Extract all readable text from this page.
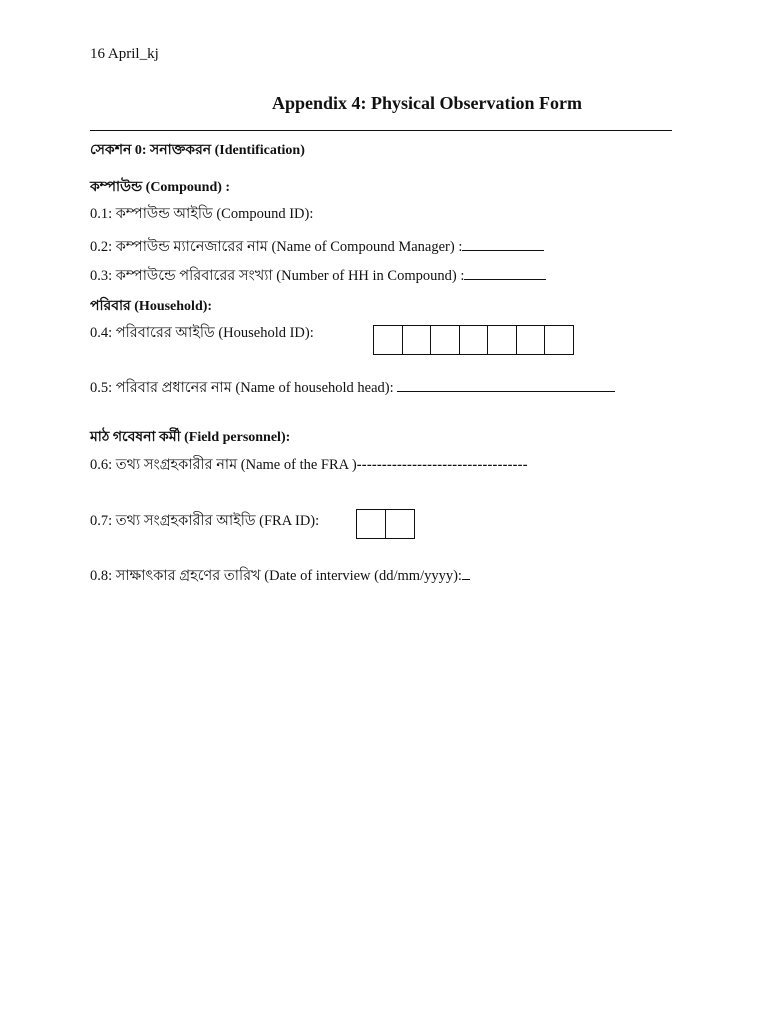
16 April_kj
Appendix 4: Physical Observation Form
সেকশন 0: সনাক্তকরন (Identification)
কম্পাউন্ড (Compound) :
0.1: কম্পাউন্ড আইডি (Compound ID):
0.2: কম্পাউন্ড ম্যানেজারের নাম (Name of Compound Manager) :
0.3: কম্পাউন্ডে পরিবারের সংখ্যা (Number of HH in Compound) :
পরিবার (Household):
0.4: পরিবারের আইডি (Household ID):
0.5: পরিবার প্রধানের নাম (Name of household head):
মাঠ গবেষনা কর্মী (Field personnel):
0.6: তথ্য সংগ্রহকারীর নাম (Name of the FRA )----------------------------------
0.7: তথ্য সংগ্রহকারীর আইডি (FRA ID):
0.8: সাক্ষাৎকার গ্রহণের তারিখ (Date of interview (dd/mm/yyyy):
